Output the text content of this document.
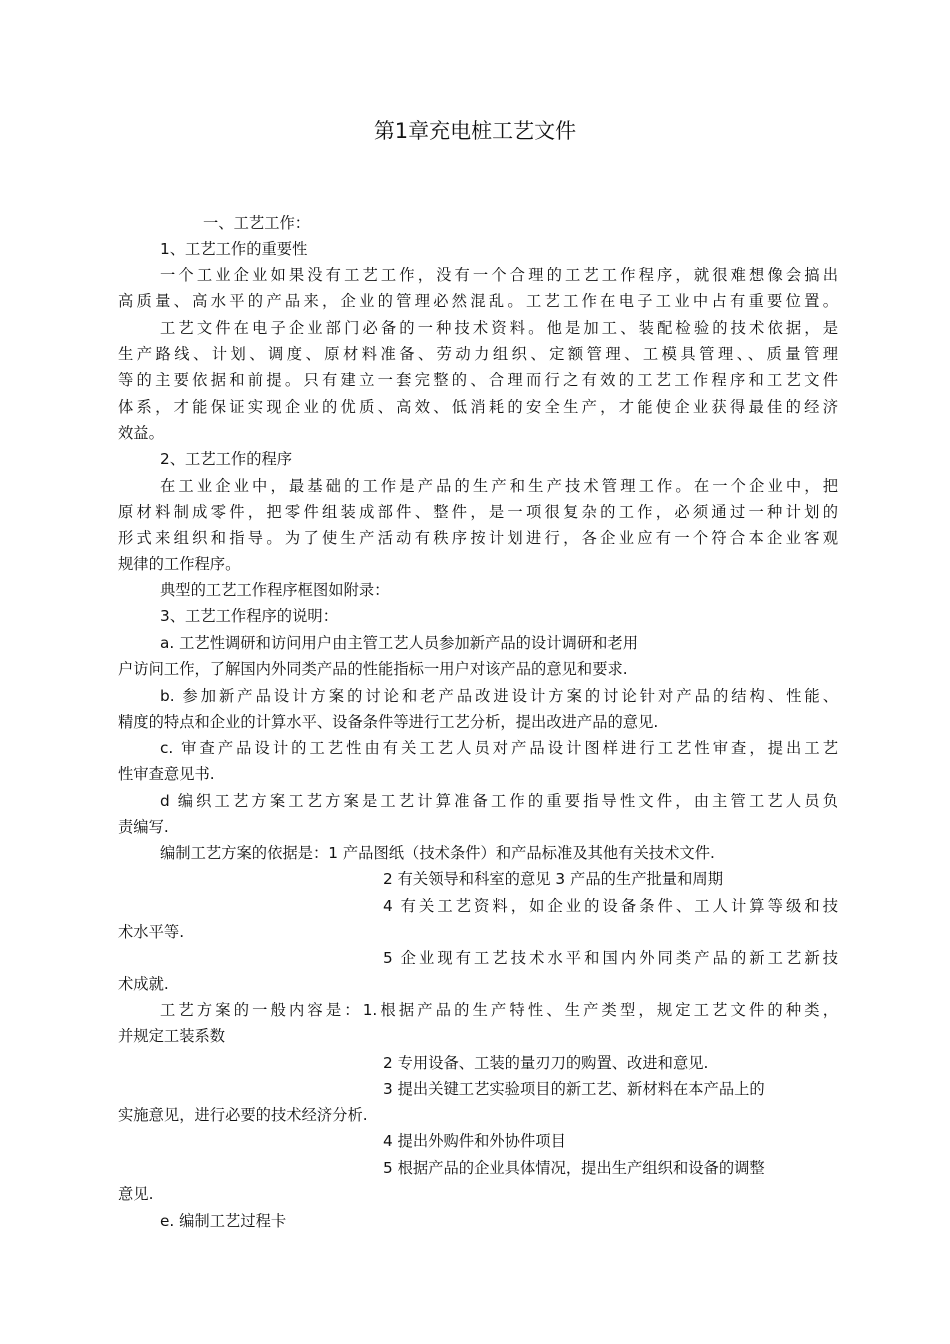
第1章充电桩工艺文件
一、工艺工作：
1、工艺工作的重要性
一个工业企业如果没有工艺工作，没有一个合理的工艺工作程序，就很难想像会搞出
高质量、高水平的产品来，企业的管理必然混乱。工艺工作在电子工业中占有重要位置。
工艺文件在电子企业部门必备的一种技术资料。他是加工、装配检验的技术依据，是
生产路线、计划、调度、原材料准备、劳动力组织、定额管理、工模具管理、、质量管理
等的主要依据和前提。只有建立一套完整的、合理而行之有效的工艺工作程序和工艺文件
体系，才能保证实现企业的优质、高效、低消耗的安全生产，才能使企业获得最佳的经济
效益。
2、工艺工作的程序
在工业企业中，最基础的工作是产品的生产和生产技术管理工作。在一个企业中，把
原材料制成零件，把零件组装成部件、整件，是一项很复杂的工作，必须通过一种计划的
形式来组织和指导。为了使生产活动有秩序按计划进行，各企业应有一个符合本企业客观
规律的工作程序。
典型的工艺工作程序框图如附录：
3、工艺工作程序的说明：
a. 工艺性调研和访问用户由主管工艺人员参加新产品的设计调研和老用
户访问工作，了解国内外同类产品的性能指标一用户对该产品的意见和要求.
b. 参加新产品设计方案的讨论和老产品改进设计方案的讨论针对产品的结构、性能、
精度的特点和企业的计算水平、设备条件等进行工艺分析，提出改进产品的意见.
c. 审查产品设计的工艺性由有关工艺人员对产品设计图样进行工艺性审查，提出工艺
性审查意见书.
d 编织工艺方案工艺方案是工艺计算准备工作的重要指导性文件，由主管工艺人员负
责编写.
编制工艺方案的依据是：1 产品图纸（技术条件）和产品标准及其他有关技术文件.
2 有关领导和科室的意见 3 产品的生产批量和周期
4 有关工艺资料，如企业的设备条件、工人计算等级和技
术水平等.
5 企业现有工艺技术水平和国内外同类产品的新工艺新技
术成就.
工艺方案的一般内容是：1.根据产品的生产特性、生产类型，规定工艺文件的种类，
并规定工装系数
2 专用设备、工装的量刃刀的购置、改进和意见.
3 提出关键工艺实验项目的新工艺、新材料在本产品上的
实施意见，进行必要的技术经济分析.
4 提出外购件和外协件项目
5 根据产品的企业具体情况，提出生产组织和设备的调整
意见.
e. 编制工艺过程卡
